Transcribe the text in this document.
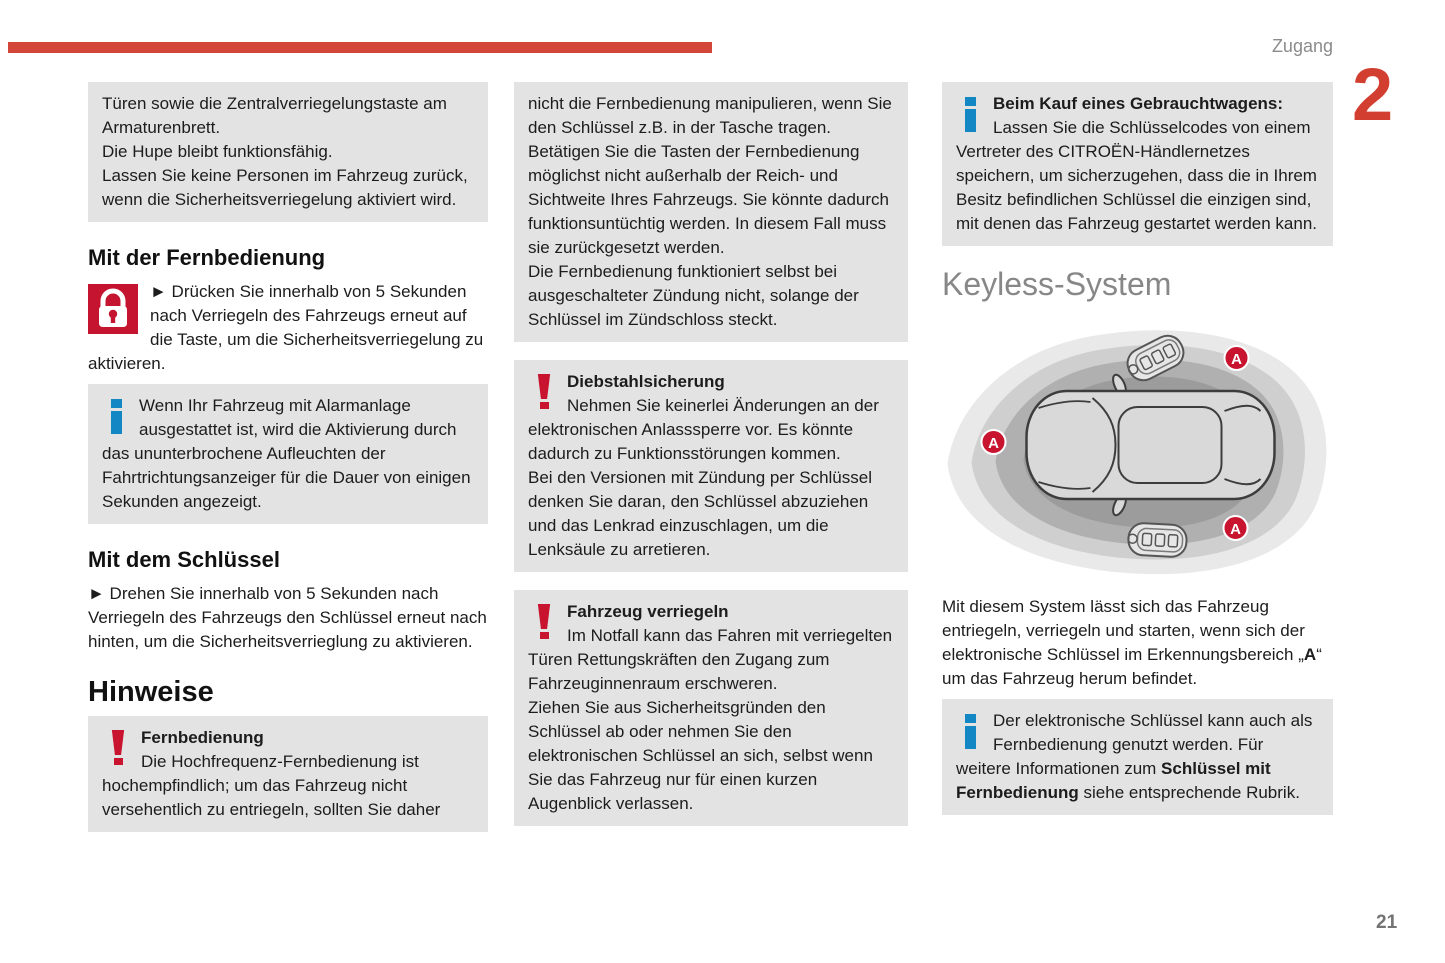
Zugang
2
Türen sowie die Zentralverriegelungstaste am Armaturenbrett.
Die Hupe bleibt funktionsfähig.
Lassen Sie keine Personen im Fahrzeug zurück, wenn die Sicherheitsverriegelung aktiviert wird.
Mit der Fernbedienung
► Drücken Sie innerhalb von 5 Sekunden nach Verriegeln des Fahrzeugs erneut auf die Taste, um die Sicherheitsverriegelung zu aktivieren.
Wenn Ihr Fahrzeug mit Alarmanlage ausgestattet ist, wird die Aktivierung durch das ununterbrochene Aufleuchten der Fahrtrichtungsanzeiger für die Dauer von einigen Sekunden angezeigt.
Mit dem Schlüssel
► Drehen Sie innerhalb von 5 Sekunden nach Verriegeln des Fahrzeugs den Schlüssel erneut nach hinten, um die Sicherheitsverrieglung zu aktivieren.
Hinweise
Fernbedienung
Die Hochfrequenz-Fernbedienung ist hochempfindlich; um das Fahrzeug nicht versehentlich zu entriegeln, sollten Sie daher
nicht die Fernbedienung manipulieren, wenn Sie den Schlüssel z.B. in der Tasche tragen.
Betätigen Sie die Tasten der Fernbedienung möglichst nicht außerhalb der Reich- und Sichtweite Ihres Fahrzeugs. Sie könnte dadurch funktionsuntüchtig werden. In diesem Fall muss sie zurückgesetzt werden.
Die Fernbedienung funktioniert selbst bei ausgeschalteter Zündung nicht, solange der Schlüssel im Zündschloss steckt.
Diebstahlsicherung
Nehmen Sie keinerlei Änderungen an der elektronischen Anlasssperre vor. Es könnte dadurch zu Funktionsstörungen kommen.
Bei den Versionen mit Zündung per Schlüssel denken Sie daran, den Schlüssel abzuziehen und das Lenkrad einzuschlagen, um die Lenksäule zu arretieren.
Fahrzeug verriegeln
Im Notfall kann das Fahren mit verriegelten Türen Rettungskräften den Zugang zum Fahrzeuginnenraum erschweren.
Ziehen Sie aus Sicherheitsgründen den Schlüssel ab oder nehmen Sie den elektronischen Schlüssel an sich, selbst wenn Sie das Fahrzeug nur für einen kurzen Augenblick verlassen.
Beim Kauf eines Gebrauchtwagens:
Lassen Sie die Schlüsselcodes von einem Vertreter des CITROËN-Händlernetzes speichern, um sicherzugehen, dass die in Ihrem Besitz befindlichen Schlüssel die einzigen sind, mit denen das Fahrzeug gestartet werden kann.
Keyless-System
A
A
A
Mit diesem System lässt sich das Fahrzeug entriegeln, verriegeln und starten, wenn sich der elektronische Schlüssel im Erkennungsbereich „A“ um das Fahrzeug herum befindet.
Der elektronische Schlüssel kann auch als Fernbedienung genutzt werden. Für weitere Informationen zum Schlüssel mit Fernbedienung siehe entsprechende Rubrik.
21
